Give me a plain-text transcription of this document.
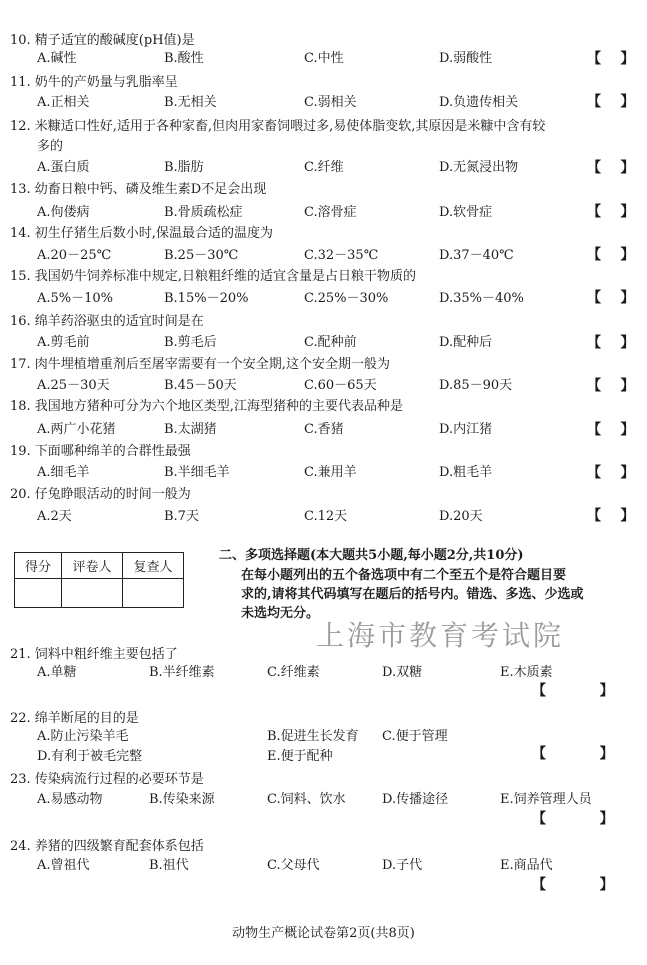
10. 精子适宜的酸碱度(pH值)是
A.碱性	B.酸性	C.中性	D.弱酸性	【    】
11. 奶牛的产奶量与乳脂率呈
A.正相关	B.无相关	C.弱相关	D.负遗传相关	【    】
12. 米糠适口性好,适用于各种家畜,但肉用家畜饲喂过多,易使体脂变软,其原因是米糠中含有较
多的
A.蛋白质	B.脂肪	C.纤维	D.无氮浸出物	【    】
13. 幼畜日粮中钙、磷及维生素D不足会出现
A.佝偻病	B.骨质疏松症	C.溶骨症	D.软骨症	【    】
14. 初生仔猪生后数小时,保温最合适的温度为
A.20－25℃	B.25－30℃	C.32－35℃	D.37－40℃	【    】
15. 我国奶牛饲养标准中规定,日粮粗纤维的适宜含量是占日粮干物质的
A.5%－10%	B.15%－20%	C.25%－30%	D.35%－40%	【    】
16. 绵羊药浴驱虫的适宜时间是在
A.剪毛前	B.剪毛后	C.配种前	D.配种后	【    】
17. 肉牛埋植增重剂后至屠宰需要有一个安全期,这个安全期一般为
A.25－30天	B.45－50天	C.60－65天	D.85－90天	【    】
18. 我国地方猪种可分为六个地区类型,江海型猪种的主要代表品种是
A.两广小花猪	B.太湖猪	C.香猪	D.内江猪	【    】
19. 下面哪种绵羊的合群性最强
A.细毛羊	B.半细毛羊	C.兼用羊	D.粗毛羊	【    】
20. 仔兔睁眼活动的时间一般为
A.2天	B.7天	C.12天	D.20天	【    】
得分	评卷人	复查人

二、多项选择题(本大题共5小题,每小题2分,共10分)
在每小题列出的五个备选项中有二个至五个是符合题目要
求的,请将其代码填写在题后的括号内。错选、多选、少选或
未选均无分。
上海市教育考试院
21. 饲料中粗纤维主要包括了
A.单糖	B.半纤维素	C.纤维素	D.双糖	E.木质素
【           】
22. 绵羊断尾的目的是
A.防止污染羊毛	B.促进生长发育 C.便于管理
D.有利于被毛完整	E.便于配种	【           】
23. 传染病流行过程的必要环节是
A.易感动物	B.传染来源	C.饲料、饮水	D.传播途径	E.饲养管理人员
【           】
24. 养猪的四级繁育配套体系包括
A.曾祖代	B.祖代	C.父母代	D.子代	E.商品代
【           】
动物生产概论试卷第2页(共8页)
